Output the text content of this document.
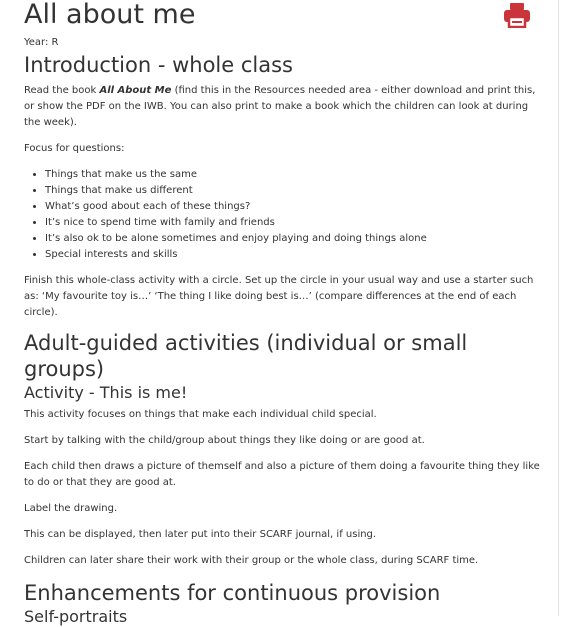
All about me
Year: R
Introduction - whole class

Read the book All About Me (find this in the Resources needed area - either download and print this, or show the PDF on the IWB. You can also print to make a book which the children can look at during the week).

Focus for questions:

• Things that make us the same
• Things that make us different
• What’s good about each of these things?
• It’s nice to spend time with family and friends
• It’s also ok to be alone sometimes and enjoy playing and doing things alone
• Special interests and skills

Finish this whole-class activity with a circle. Set up the circle in your usual way and use a starter such as: ‘My favourite toy is…’ ‘The thing I like doing best is…’ (compare differences at the end of each circle).

Adult-guided activities (individual or small groups)
Activity - This is me!

This activity focuses on things that make each individual child special.

Start by talking with the child/group about things they like doing or are good at.

Each child then draws a picture of themself and also a picture of them doing a favourite thing they like to do or that they are good at.

Label the drawing.

This can be displayed, then later put into their SCARF journal, if using.

Children can later share their work with their group or the whole class, during SCARF time.

Enhancements for continuous provision
Self-portraits
